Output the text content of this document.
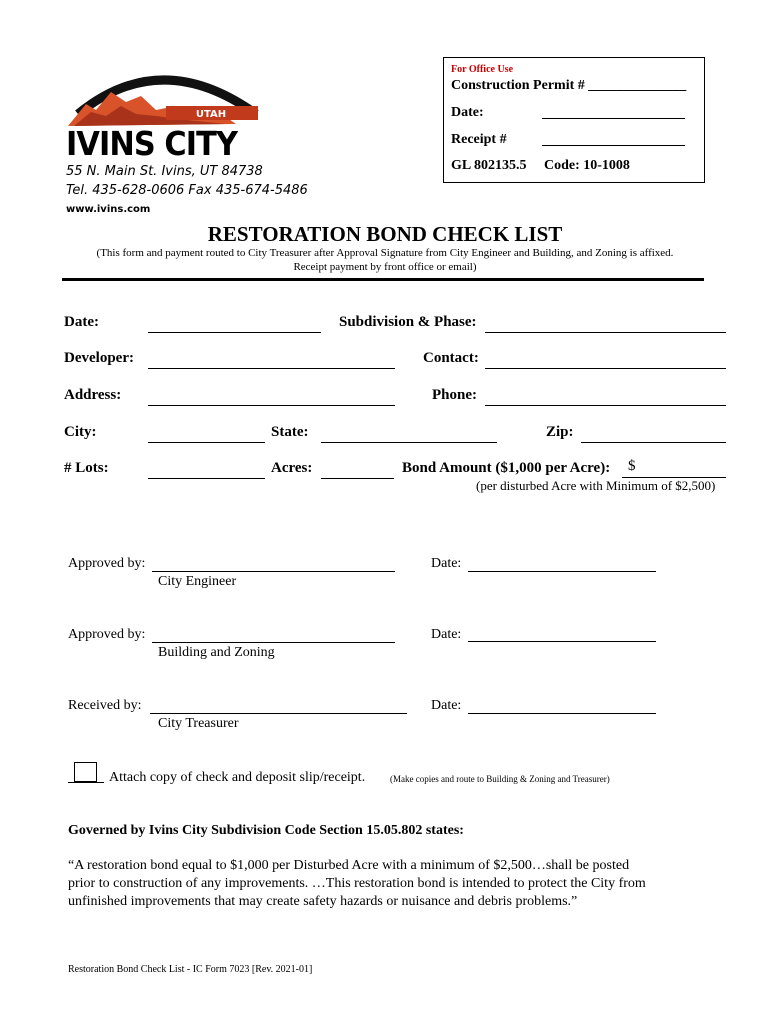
UTAH
IVINS CITY
55 N. Main St. Ivins, UT 84738
Tel. 435-628-0606 Fax 435-674-5486
www.ivins.com
For Office Use
Construction Permit # ______________
Date:
Receipt #
GL 802135.5 Code: 10-1008
RESTORATION BOND CHECK LIST
(This form and payment routed to City Treasurer after Approval Signature from City Engineer and Building, and Zoning is affixed.
Receipt payment by front office or email)
Date:	Subdivision & Phase:
Developer:	Contact:
Address:	Phone:
City:	State:	Zip:
# Lots:	Acres:	Bond Amount ($1,000 per Acre):	$
(per disturbed Acre with Minimum of $2,500)
Approved by:
City Engineer
Date:
Approved by:
Building and Zoning
Date:
Received by:
City Treasurer
Date:
Attach copy of check and deposit slip/receipt.	(Make copies and route to Building & Zoning and Treasurer)
Governed by Ivins City Subdivision Code Section 15.05.802 states:
“A restoration bond equal to $1,000 per Disturbed Acre with a minimum of $2,500…shall be posted
prior to construction of any improvements. …This restoration bond is intended to protect the City from
unfinished improvements that may create safety hazards or nuisance and debris problems.”
Restoration Bond Check List - IC Form 7023 [Rev. 2021-01]
